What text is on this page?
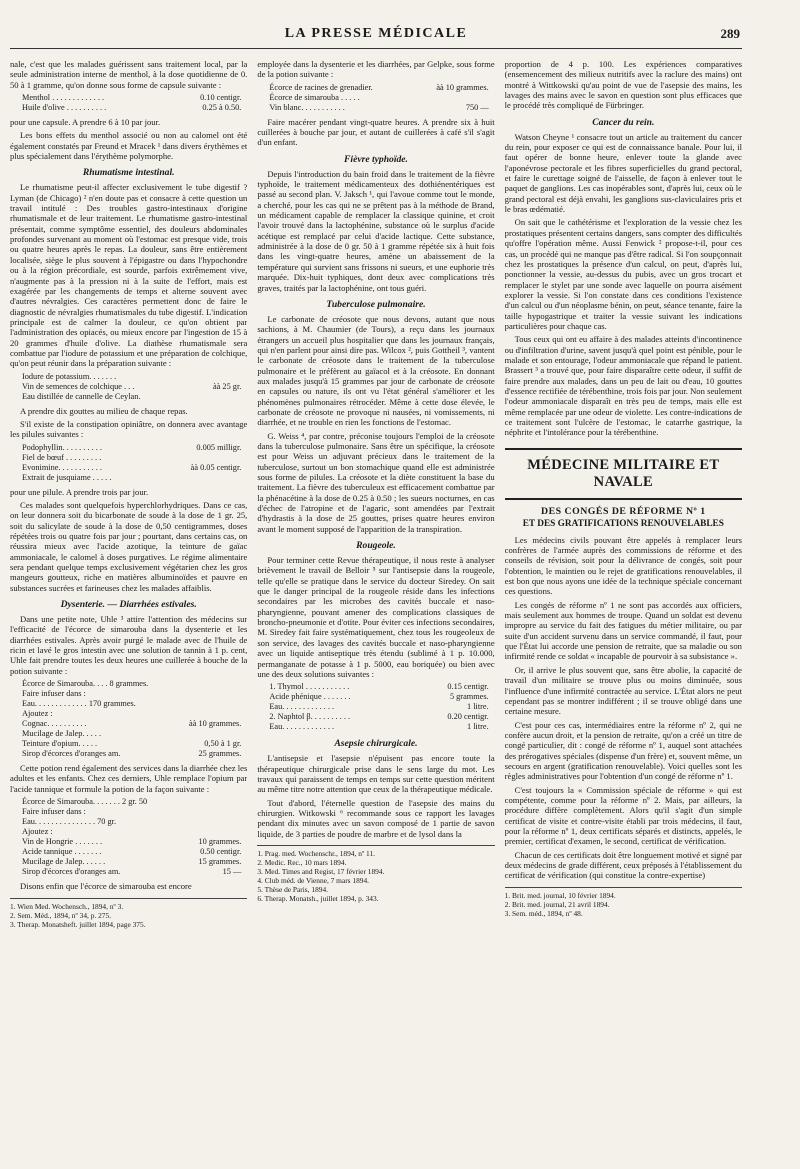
LA PRESSE MÉDICALE	289

nale, c'est que les malades guérissent sans traitement local, par la seule administration interne de menthol, à la dose quotidienne de 0. 50 à 1 gramme, qu'on donne sous forme de capsule suivante :

Menthol . . . . . . . . . . . . .	0.10 centigr.
Huile d'olive . . . . . . . . . .	0.25 à 0.50.

pour une capsule. A prendre 6 à 10 par jour.

Les bons effets du menthol associé ou non au calomel ont été également constatés par Freund et Mracek ¹ dans divers érythèmes et plus spécialement dans l'érythème polymorphe.

Rhumatisme intestinal.

Le rhumatisme peut-il affecter exclusivement le tube digestif ? Lyman (de Chicago) ² n'en doute pas et consacre à cette question un travail intitulé : Des troubles gastro-intestinaux d'origine rhumatismale et de leur traitement. Le rhumatisme gastro-intestinal présentait, comme symptôme essentiel, des douleurs abdominales profondes survenant au moment où l'estomac est presque vide, trois ou quatre heures après le repas. La douleur, sans être entièrement localisée, siège le plus souvent à l'épigastre ou dans l'hypochondre ou à la région précordiale, est sourde, parfois extrêmement vive, n'augmente pas à la pression ni à la suite de l'effort, mais est exagérée par les changements de temps et alterne souvent avec d'autres névralgies. Ces caractères permettent donc de faire le diagnostic de névralgies rhumatismales du tube digestif. L'indication principale est de calmer la douleur, ce qu'on obtient par l'administration des opiacés, ou mieux encore par l'ingestion de 15 à 20 grammes d'huile d'olive. La diathèse rhumatismale sera combattue par l'iodure de potassium et une préparation de colchique, qu'on peut réunir dans la préparation suivante :

Iodure de potassium. . . . . . .
Vin de semences de colchique . . .	àà 25 gr.
Eau distillée de cannelle de Ceylan.

A prendre dix gouttes au milieu de chaque repas.

S'il existe de la constipation opiniâtre, on donnera avec avantage les pilules suivantes :

Podophyllin. . . . . . . . . .	0.005 milligr.
Fiel de bœuf . . . . . . . . .
Evonimine. . . . . . . . . . .	àà 0.05 centigr.
Extrait de jusquiame . . . . .

pour une pilule. A prendre trois par jour.

Ces malades sont quelquefois hyperchlorhydriques. Dans ce cas, on leur donnera soit du bicarbonate de soude à la dose de 1 gr. 25, soit du salicylate de soude à la dose de 0,50 centigrammes, doses répétées trois ou quatre fois par jour ; pourtant, dans certains cas, on réussira mieux avec l'acide azotique, la teinture de gaïac ammoniacale, le calomel à doses purgatives. Le régime alimentaire sera pendant quelque temps exclusivement végétarien chez les gros mangeurs goutteux, riche en matières albuminoïdes et pauvre en substances sucrées et farineuses chez les malades affaiblis.

Dysenterie. — Diarrhées estivales.

Dans une petite note, Uhle ³ attire l'attention des médecins sur l'efficacité de l'écorce de simarouba dans la dysenterie et les diarrhées estivales. Après avoir purgé le malade avec de l'huile de ricin et lavé le gros intestin avec une solution de tannin à 1 p. cent, Uhle fait prendre toutes les deux heures une cuillerée à bouche de la potion suivante :

Écorce de Simarouba. . . . 8 grammes.
Faire infuser dans :
Eau. . . . . . . . . . . . . 170 grammes.
Ajoutez :
Cognac. . . . . . . . . .	àà 10 grammes.
Mucilage de Jalep. . . . .
Teinture d'opium. . . . .	0,50 à 1 gr.
Sirop d'écorces d'oranges am.	25 grammes.

Cette potion rend également des services dans la diarrhée chez les adultes et les enfants. Chez ces derniers, Uhle remplace l'opium par l'acide tannique et formule la potion de la façon suivante :

Écorce de Simarouba. . . . . . . 2 gr. 50
Faire infuser dans :
Eau. . . . . . . . . . . . . . . 70 gr.
Ajoutez :
Vin de Hongrie . . . . . . .	10 grammes.
Acide tannique . . . . . . .	0.50 centigr.
Mucilage de Jalep. . . . . .	15 grammes.
Sirop d'écorces d'oranges am.	15 —

Disons enfin que l'écorce de simarouba est encore

1. Wien Med. Wochensch., 1894, nº 3.

2. Sem. Méd., 1894, nº 34, p. 275.

3. Therap. Monatsheft. juillet 1894, page 375.

employée dans la dysenterie et les diarrhées, par Gelpke, sous forme de la potion suivante :

Écorce de racines de grenadier.	àà 10 grammes.
Écorce de simarouba . . . . .
Vin blanc. . . . . . . . . . .	750 —

Faire macérer pendant vingt-quatre heures. A prendre six à huit cuillerées à bouche par jour, et autant de cuillerées à café s'il s'agit d'un enfant.

Fièvre typhoïde.

Depuis l'introduction du bain froid dans le traitement de la fièvre typhoïde, le traitement médicamenteux des dothiénentériques est passé au second plan. V. Jaksch ¹, qui l'avoue comme tout le monde, a cherché, pour les cas qui ne se prêtent pas à la méthode de Brand, un médicament capable de remplacer la classique quinine, et croit l'avoir trouvé dans la lactophénine, substance où le surplus d'acide acétique est remplacé par celui d'acide lactique. Cette substance, administrée à la dose de 0 gr. 50 à 1 gramme répétée six à huit fois dans les vingt-quatre heures, amène un abaissement de la température qui survient sans frissons ni sueurs, et une euphorie très marquée. Dix-huit typhiques, dont deux avec complications très graves, traités par la lactophénine, ont tous guéri.

Tuberculose pulmonaire.

Le carbonate de créosote que nous devons, autant que nous sachions, à M. Chaumier (de Tours), a reçu dans les journaux étrangers un accueil plus hospitalier que dans les journaux français, qui n'en parlent pour ainsi dire pas. Wilcox ², puis Gottheil ³, vantent le carbonate de créosote dans le traitement de la tuberculose pulmonaire et le préfèrent au gaïacol et à la créosote. En donnant aux malades jusqu'à 15 grammes par jour de carbonate de créosote en capsules ou nature, ils ont vu l'état général s'améliorer et les phénomènes pulmonaires rétrocéder. Même à cette dose élevée, le carbonate de créosote ne provoque ni nausées, ni vomissements, ni diarrhée, et ne trouble en rien les fonctions de l'estomac.

G. Weiss ⁴, par contre, préconise toujours l'emploi de la créosote dans la tuberculose pulmonaire. Sans être un spécifique, la créosote est pour Weiss un adjuvant précieux dans le traitement de la tuberculose, surtout un bon stomachique quand elle est administrée sous forme de pilules. La créosote et la diète constituent la base du traitement. La fièvre des tuberculeux est efficacement combattue par la phénacétine à la dose de 0.25 à 0.50 ; les sueurs nocturnes, en cas d'échec de l'atropine et de l'agaric, sont amendées par l'extrait d'hydrastis à la dose de 25 gouttes, prises quatre heures environ avant le moment supposé de l'apparition de la transpiration.

Rougeole.

Pour terminer cette Revue thérapeutique, il nous reste à analyser brièvement le travail de Belloir ⁵ sur l'antisepsie dans la rougeole, telle qu'elle se pratique dans le service du docteur Siredey. On sait que le danger principal de la rougeole réside dans les infections secondaires par les microbes des cavités buccale et naso-pharyngienne, pouvant amener des complications classiques de broncho-pneumonie et d'otite. Pour éviter ces infections secondaires, M. Siredey fait faire systématiquement, chez tous les rougeoleux de son service, des lavages des cavités buccale et naso-pharyngienne avec un liquide antiseptique très étendu (sublimé à 1 p. 10.000, permanganate de potasse à 1 p. 5000, eau boriquée) ou bien avec une des deux solutions suivantes :

1. Thymol . . . . . . . . . . .	0.15 centigr.
Acide phénique . . . . . . .	5 grammes.
Eau. . . . . . . . . . . . .	1 litre.
2. Naphtol β. . . . . . . . . .	0.20 centigr.
Eau. . . . . . . . . . . . .	1 litre.
Asepsie chirurgicale.

L'antisepsie et l'asepsie n'épuisent pas encore toute la thérapeutique chirurgicale prise dans le sens large du mot. Les travaux qui paraissent de temps en temps sur cette question méritent au même titre notre attention que ceux de la thérapeutique médicale.

Tout d'abord, l'éternelle question de l'asepsie des mains du chirurgien. Witkowski ⁶ recommande sous ce rapport les lavages pendant dix minutes avec un savon composé de 1 partie de savon liquide, de 3 parties de poudre de marbre et de lysol dans la

1. Prag. med. Wochenschr., 1894, nº 11.

2. Medic. Rec., 10 mars 1894.

3. Med. Times and Regist, 17 février 1894.

4. Club méd. de Vienne, 7 mars 1894.

5. Thèse de Paris, 1894.

6. Therap. Monatsh., juillet 1894, p. 343.

proportion de 4 p. 100. Les expériences comparatives (ensemencement des milieux nutritifs avec la raclure des mains) ont montré à Wittkowski qu'au point de vue de l'asepsie des mains, les lavages des mains avec le savon en question sont plus efficaces que le procédé très compliqué de Fürbringer.

Cancer du rein.

Watson Cheyne ¹ consacre tout un article au traitement du cancer du rein, pour exposer ce qui est de connaissance banale. Pour lui, il faut opérer de bonne heure, enlever toute la glande avec l'aponévrose pectorale et les fibres superficielles du grand pectoral, et faire le curettage soigné de l'aisselle, de façon à enlever tout le paquet de ganglions. Les cas inopérables sont, d'après lui, ceux où le grand pectoral est déjà envahi, les ganglions sus-claviculaires pris et le bras œdématié.

On sait que le cathétérisme et l'exploration de la vessie chez les prostatiques présentent certains dangers, sans compter des difficultés qu'offre l'opération même. Aussi Fenwick ² propose-t-il, pour ces cas, un procédé qui ne manque pas d'être radical. Si l'on soupçonnait chez les prostatiques la présence d'un calcul, on peut, d'après lui, ponctionner la vessie, au-dessus du pubis, avec un gros trocart et remplacer le stylet par une sonde avec laquelle on pourra aisément explorer la vessie. Si l'on constate dans ces conditions l'existence d'un calcul ou d'un néoplasme bénin, on peut, séance tenante, faire la taille hypogastrique et traiter la vessie suivant les indications particulières pour chaque cas.

Tous ceux qui ont eu affaire à des malades atteints d'incontinence ou d'infiltration d'urine, savent jusqu'à quel point est pénible, pour le malade et son entourage, l'odeur ammoniacale que répand le patient. Brassert ³ a trouvé que, pour faire disparaître cette odeur, il suffit de faire prendre aux malades, dans un peu de lait ou d'eau, 10 gouttes d'essence rectifiée de térébenthine, trois fois par jour. Non seulement l'odeur ammoniacale disparaît en très peu de temps, mais elle est même remplacée par une odeur de violette. Les contre-indications de ce traitement sont l'ulcère de l'estomac, le catarrhe gastrique, la néphrite et l'intolérance pour la térébenthine.

MÉDECINE MILITAIRE ET NAVALE
DES CONGÉS DE RÉFORME Nº 1
ET DES GRATIFICATIONS RENOUVELABLES

Les médecins civils pouvant être appelés à remplacer leurs confrères de l'armée auprès des commissions de réforme et des conseils de révision, soit pour la délivrance de congés, soit pour l'obtention, le maintien ou le rejet de gratifications renouvelables, il est bon que nous ayons une idée de la technique spéciale concernant ces questions.

Les congés de réforme nº 1 ne sont pas accordés aux officiers, mais seulement aux hommes de troupe. Quand un soldat est devenu impropre au service du fait des fatigues du métier militaire, ou par suite d'un accident survenu dans un service commandé, il faut, pour que l'État lui accorde une pension de retraite, que sa maladie ou son infirmité rende ce soldat « incapable de pourvoir à sa subsistance ».

Or, il arrive le plus souvent que, sans être abolie, la capacité de travail d'un militaire se trouve plus ou moins diminuée, sous l'influence d'une infirmité contractée au service. L'État alors ne peut cependant pas se montrer indifférent ; il se trouve obligé dans une certaine mesure.

C'est pour ces cas, intermédiaires entre la réforme nº 2, qui ne confère aucun droit, et la pension de retraite, qu'on a créé un titre de congé particulier, dit : congé de réforme nº 1, auquel sont attachées des prérogatives spéciales (dispense d'un frère) et, souvent même, un secours en argent (gratification renouvelable). Voici quelles sont les règles administratives pour l'obtention d'un congé de réforme nº 1.

C'est toujours la « Commission spéciale de réforme » qui est compétente, comme pour la réforme nº 2. Mais, par ailleurs, la procédure diffère complètement. Alors qu'il s'agit d'un simple certificat de visite et contre-visite établi par trois médecins, il faut, pour la réforme nº 1, deux certificats séparés et distincts, appelés, le premier, certificat d'examen, le second, certificat de vérification.

Chacun de ces certificats doit être longuement motivé et signé par deux médecins de grade différent, ceux préposés à l'établissement du certificat de vérification (qui constitue la contre-expertise)

1. Brit. med. journal, 10 février 1894.

2. Brit. med. journal, 21 avril 1894.

3. Sem. méd., 1894, nº 48.
